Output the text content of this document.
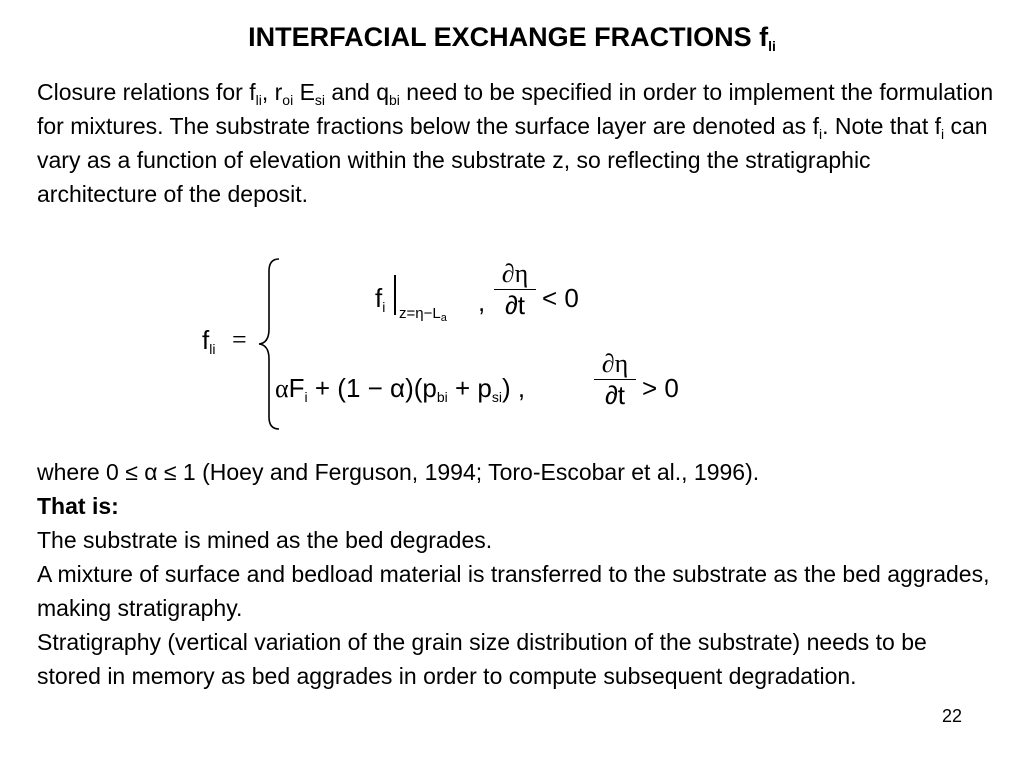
INTERFACIAL EXCHANGE FRACTIONS $f_{li}$
Closure relations for $f_{li}$, $r_{oi}$ $E_{si}$ and $q_{bi}$ need to be specified in order to implement the formulation for mixtures. The substrate fractions below the surface layer are denoted as $f_i$. Note that $f_i$ can vary as a function of elevation within the substrate z, so reflecting the stratigraphic architecture of the deposit.
$f_{li}$ =
$f_i$ $z=\eta-L_a$
, $\frac{\partial\eta}{\partial t} < 0$
$\alpha F_i + (1 - \alpha)(p_{bi} + p_{si})$ ,	$\frac{\partial\eta}{\partial t} > 0$
where 0 ≤ α ≤ 1 (Hoey and Ferguson, 1994; Toro-Escobar et al., 1996).
That is:
The substrate is mined as the bed degrades.
A mixture of surface and bedload material is transferred to the substrate as the bed aggrades, making stratigraphy.
Stratigraphy (vertical variation of the grain size distribution of the substrate) needs to be stored in memory as bed aggrades in order to compute subsequent degradation.
22
